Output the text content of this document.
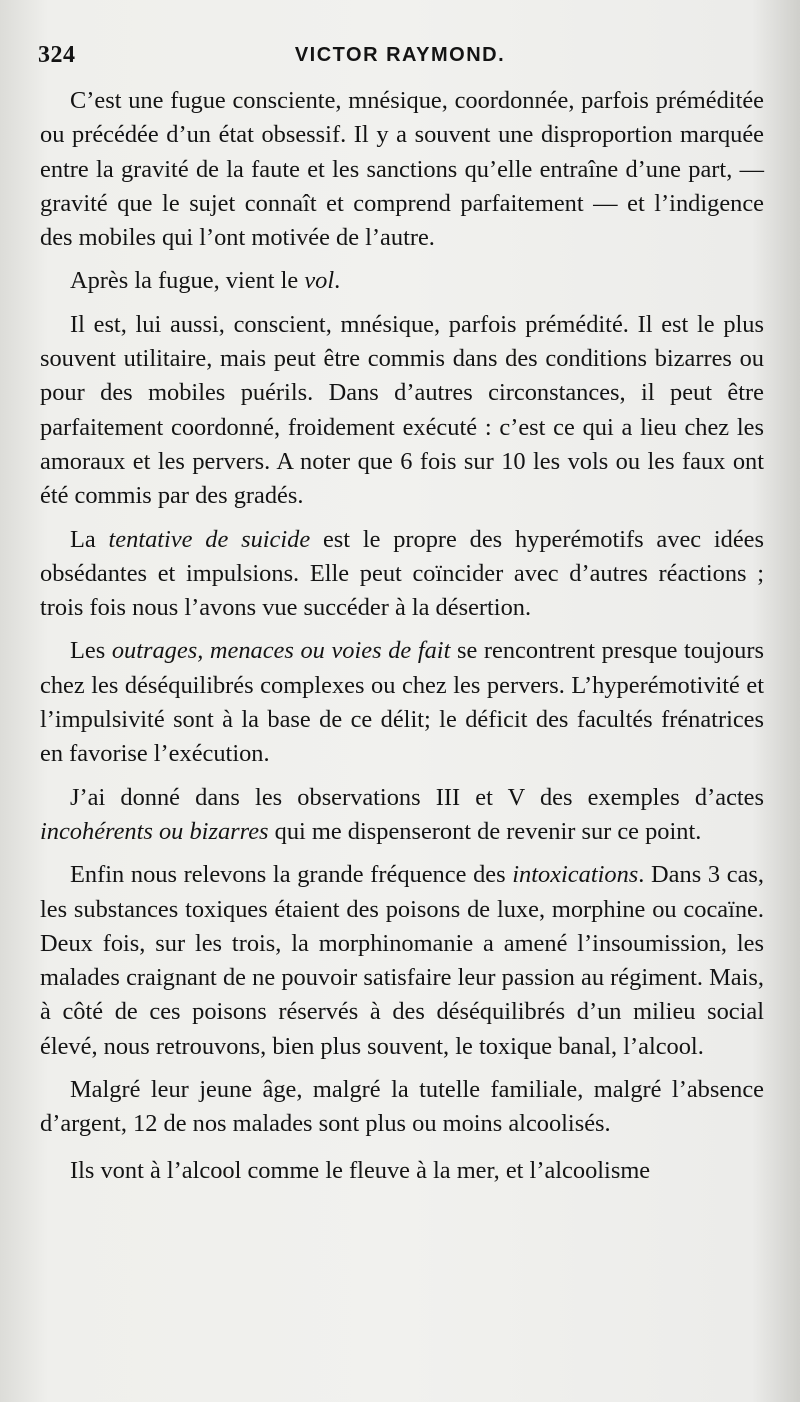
324	VICTOR RAYMOND.

C’est une fugue consciente, mnésique, coordonnée, parfois préméditée ou précédée d’un état obsessif. Il y a souvent une disproportion marquée entre la gravité de la faute et les sanctions qu’elle entraîne d’une part, — gravité que le sujet connaît et comprend parfaitement — et l’indigence des mobiles qui l’ont motivée de l’autre.

Après la fugue, vient le vol.

Il est, lui aussi, conscient, mnésique, parfois prémédité. Il est le plus souvent utilitaire, mais peut être commis dans des conditions bizarres ou pour des mobiles puérils. Dans d’autres circonstances, il peut être parfaitement coordonné, froidement exécuté : c’est ce qui a lieu chez les amoraux et les pervers. A noter que 6 fois sur 10 les vols ou les faux ont été commis par des gradés.

La tentative de suicide est le propre des hyperémotifs avec idées obsédantes et impulsions. Elle peut coïncider avec d’autres réactions ; trois fois nous l’avons vue succéder à la désertion.

Les outrages, menaces ou voies de fait se rencontrent presque toujours chez les déséquilibrés complexes ou chez les pervers. L’hyperémotivité et l’impulsivité sont à la base de ce délit; le déficit des facultés frénatrices en favorise l’exécution.

J’ai donné dans les observations III et V des exemples d’actes incohérents ou bizarres qui me dispenseront de revenir sur ce point.

Enfin nous relevons la grande fréquence des intoxications. Dans 3 cas, les substances toxiques étaient des poisons de luxe, morphine ou cocaïne. Deux fois, sur les trois, la morphinomanie a amené l’insoumission, les malades craignant de ne pouvoir satisfaire leur passion au régiment. Mais, à côté de ces poisons réservés à des déséquilibrés d’un milieu social élevé, nous retrouvons, bien plus souvent, le toxique banal, l’alcool.

Malgré leur jeune âge, malgré la tutelle familiale, malgré l’absence d’argent, 12 de nos malades sont plus ou moins alcoolisés.

Ils vont à l’alcool comme le fleuve à la mer, et l’alcoolisme
